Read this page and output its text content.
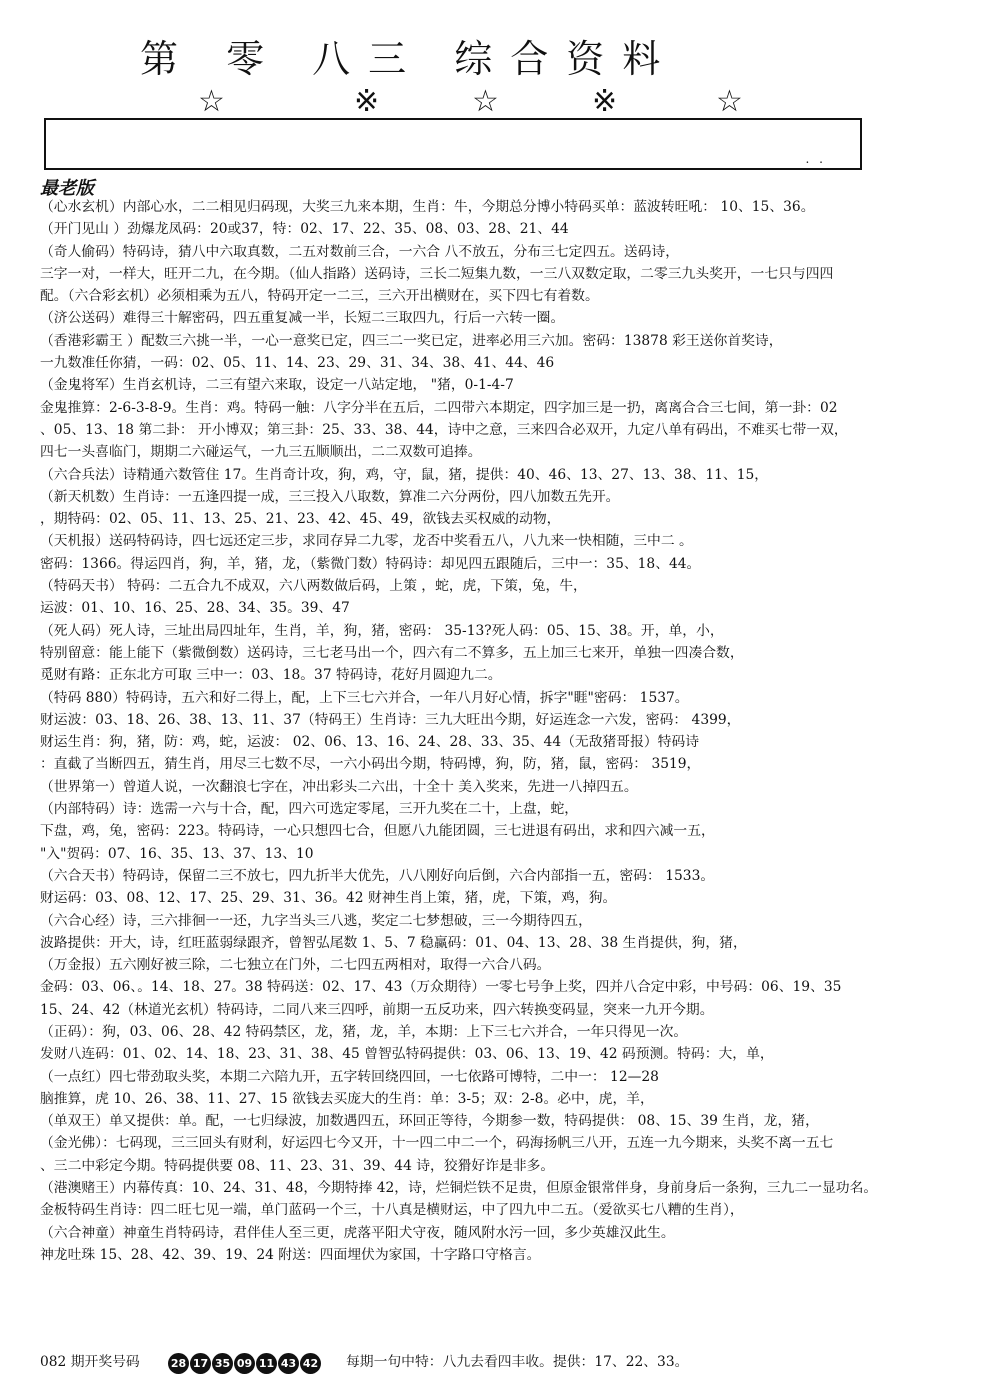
第 零 八三 综合资料
☆	※	☆	※	☆
. .
最老版
（心水玄机）内部心水，二二相见归码现，大奖三九来本期，生肖：牛，今期总分博小特码买单：蓝波转旺吼： 10、15、36。
（开门见山 ）劲爆龙凤码：20或37，特：02、17、22、35、08、03、28、21、44
（奇人偷码）特码诗，猜八中六取真数，二五对数前三合，一六合 八不放五，分布三七定四五。送码诗，
三字一对，一样大，旺开二九，在今期。（仙人指路）送码诗，三长二短集九数，一三八双数定取，二零三九头奖开，一七只与四四
配。（六合彩玄机）必须相乘为五八，特码开定一二三，三六开出横财在，买下四七有着数。
（济公送码）难得三十解密码，四五重复减一半，长短二三取四九，行后一六转一圈。
（香港彩霸王 ）配数三六挑一半，一心一意奖已定，四三二一奖已定，进率必用三六加。密码：13878 彩王送你首奖诗，
一九数准任你猜，一码：02、05、11、14、23、29、31、34、38、41、44、46
（金鬼将军）生肖玄机诗，二三有望六来取，设定一八站定地， "猪，0-1-4-7
金鬼推算：2-6-3-8-9。生肖：鸡。特码一触：八字分半在五后，二四带六本期定，四字加三是一扔，离离合合三七间，第一卦：02
、05、13、18 第二卦： 开小博双；第三卦：25、33、38、44，诗中之意，三来四合必双开，九定八单有码出，不难买七带一双，
四七一头喜临门，期期二六碰运气，一九三五顺顺出，二二双数可追捧。
（六合兵法）诗精通六数管住 17。生肖奇计攻，狗，鸡，守，鼠，猪，提供：40、46、13、27、13、38、11、15，
（新天机数）生肖诗：一五逢四提一成，三三投入八取数，算准二六分两份，四八加数五先开。
，期特码：02、05、11、13、25、21、23、42、45、49，欲钱去买权威的动物，
（天机报）送码特码诗，四七远还定三步，求同存异二九零，龙否中奖看五八，八九来一快相随，三中二 。
密码：1366。得运四肖，狗，羊，猪，龙，（紫微门数）特码诗：却见四五跟随后，三中一：35、18、44。
（特码天书） 特码：二五合九不成双，六八两数做后码，上策 ，蛇，虎，下策，兔，牛，
运波：01、10、16、25、28、34、35。39、47
（死人码）死人诗，三址出局四址年，生肖，羊，狗，猪，密码： 35-13?死人码：05、15、38。开，单，小，
特别留意：能上能下（紫微倒数）送码诗，三七老马出一个，四六有二不算多，五上加三七来开，单独一四凑合数，
觅财有路：正东北方可取 三中一：03、18。37 特码诗，花好月圆迎九二。
（特码 880）特码诗，五六和好二得上，配，上下三七六并合，一年八月好心情，拆字"睚"密码： 1537。
财运波：03、18、26、38、13、11、37（特码王）生肖诗：三九大旺出今期，好运连念一六发，密码： 4399，
财运生肖：狗，猪，防：鸡，蛇，运波： 02、06、13、16、24、28、33、35、44（无敌猪哥报）特码诗
：直截了当断四五，猜生肖，用尽三七数不尽，一六小码出今期，特码博，狗，防，猪，鼠，密码： 3519，
（世界第一）曾道人说，一次翻浪七字在，冲出彩头二六出，十全十 美入奖来，先进一八掉四五。
（内部特码）诗：选需一六与十合，配，四六可选定零尾，三开九奖在二十，上盘，蛇，
下盘，鸡，兔，密码：223。特码诗，一心只想四七合，但愿八九能团圆，三七进退有码出，求和四六减一五，
"入"贺码：07、16、35、13、37、13、10
（六合天书）特码诗，保留二三不放七，四九折半大优先，八八刚好向后倒，六合内部指一五，密码： 1533。
财运码：03、08、12、17、25、29、31、36。42 财神生肖上策，猪，虎，下策，鸡，狗。
（六合心经）诗，三六排徊一一还，九字当头三八逃，奖定二七梦想破，三一今期待四五，
波路提供：开大，诗，红旺蓝弱绿跟齐，曾智弘尾数 1、5、7 稳赢码：01、04、13、28、38 生肖提供，狗，猪，
（万金报）五六刚好被三除，二七独立在门外，二七四五两相对，取得一六合八码。
金码：03、06、。14、18、27。38 特码送：02、17、43（万众期待）一零七号争上奖，四并八合定中彩，中号码：06、19、35
15、24、42（林道光玄机）特码诗，二同八来三四呼，前期一五反功来，四六转换变码显，突来一九开今期。
（正码）：狗，03、06、28、42 特码禁区，龙，猪，龙，羊，本期：上下三七六并合，一年只得见一次。
发财八连码：01、02、14、18、23、31、38、45 曾智弘特码提供：03、06、13、19、42 码预测。特码：大，单，
（一点红）四七带劲取头奖，本期二六陪九开，五字转回绕四回，一七依路可博特，二中一： 12—28
脑推算，虎 10、26、38、11、27、15 欲钱去买庞大的生肖：单：3-5；双：2-8。必中，虎，羊，
（单双王）单又提供：单。配，一七归绿波，加数遇四五，环回正等待，今期参一数，特码提供： 08、15、39 生肖，龙，猪，
（金光佛）：七码现，三三回头有财利，好运四七今又开，十一四二中二一个，码海扬帆三八开，五连一九今期来，头奖不离一五七
、三二中彩定今期。特码提供要 08、11、23、31、39、44 诗，狡猾好诈是非多。
（港澳赌王）内幕传真：10、24、31、48，今期特捧 42，诗，烂铜烂铁不足贵，但原金银常伴身，身前身后一条狗，三九二一显功名。
金板特码生肖诗：四二旺七见一端，单门蓝码一个三，十八真是横财运，中了四九中二五。（爱欲买七八糟的生肖），
（六合神童）神童生肖特码诗，君伴佳人至三更，虎落平阳犬守夜，随风附水污一回，多少英雄汉此生。
神龙吐珠 15、28、42、39、19、24 附送：四面埋伏为家国，十字路口守格言。
082 期开奖号码	28 17 35 09 11 43 42 每期一句中特：八九去看四丰收。提供：17、22、33。
